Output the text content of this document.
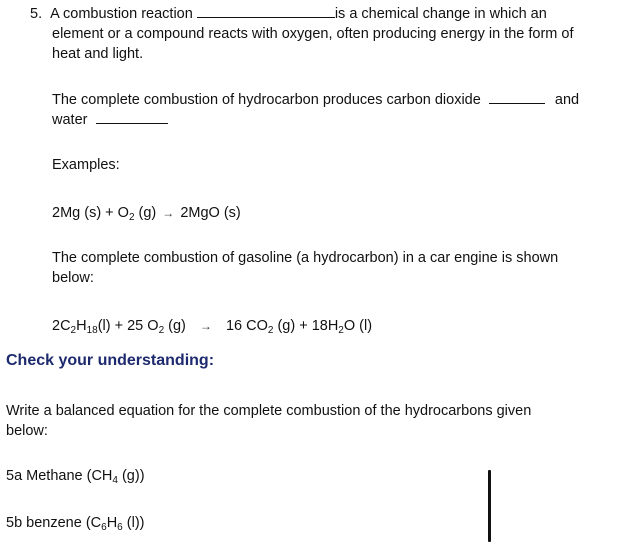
5. A combustion reaction	is a chemical change in which an
element or a compound reacts with oxygen, often producing energy in the form of
heat and light.
The complete combustion of hydrocarbon produces carbon dioxide	and
water
Examples:
2Mg $(s) + O_2$ (g) → 2MgO (s)
The complete combustion of gasoline (a hydrocarbon) in a car engine is shown
below:
$2C_2H_{18}(l) + 25$ $O_2$ (g) → 16 $CO_2$ $(g) + 18H_2O$ (l)
Check your understanding:
Write a balanced equation for the complete combustion of the hydrocarbons given
below:
5a Methane ($CH_4$ (g))
5b benzene ($C_6H_6$ (l))
